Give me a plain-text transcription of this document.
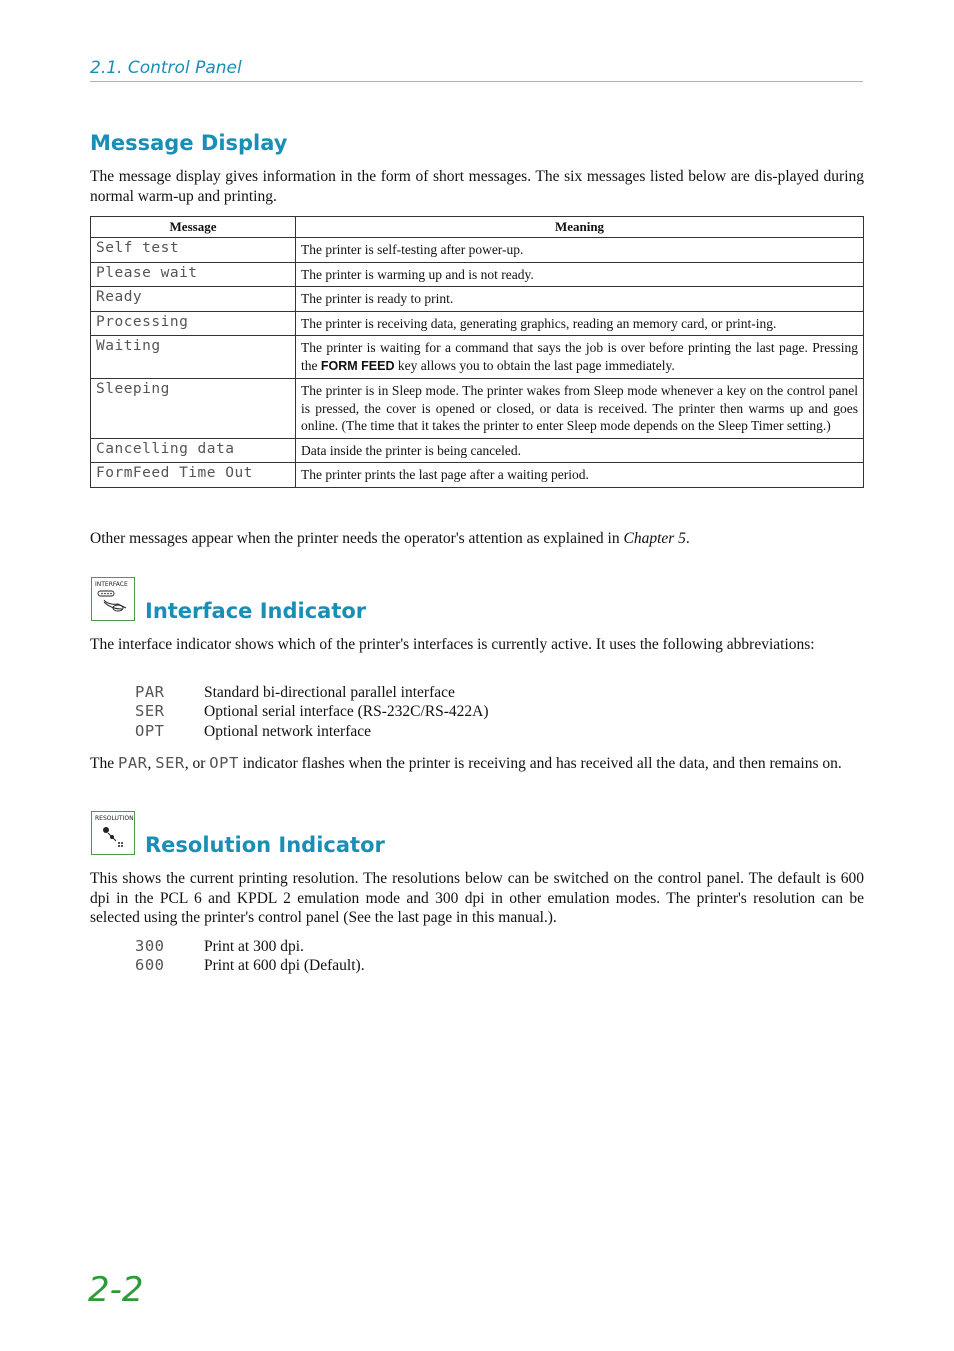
2.1. Control Panel
Message Display

The message display gives information in the form of short messages. The six messages listed below are dis-played during normal warm-up and printing.

Message	Meaning
Self test	The printer is self-testing after power-up.
Please wait	The printer is warming up and is not ready.
Ready	The printer is ready to print.
Processing	The printer is receiving data, generating graphics, reading an memory card, or print-ing.
Waiting	The printer is waiting for a command that says the job is over before printing the last page. Pressing the FORM FEED key allows you to obtain the last page immediately.
Sleeping	The printer is in Sleep mode. The printer wakes from Sleep mode whenever a key on the control panel is pressed, the cover is opened or closed, or data is received. The printer then warms up and goes online. (The time that it takes the printer to enter Sleep mode depends on the Sleep Timer setting.)
Cancelling data	Data inside the printer is being canceled.
FormFeed Time Out	The printer prints the last page after a waiting period.

Other messages appear when the printer needs the operator's attention as explained in Chapter 5.

INTERFACE
Interface Indicator

The interface indicator shows which of the printer's interfaces is currently active. It uses the following abbreviations:

PAR	Standard bi-directional parallel interface
SER	Optional serial interface (RS-232C/RS-422A)
OPT	Optional network interface

The PAR, SER, or OPT indicator flashes when the printer is receiving and has received all the data, and then remains on.

RESOLUTION
Resolution Indicator

This shows the current printing resolution. The resolutions below can be switched on the control panel. The default is 600 dpi in the PCL 6 and KPDL 2 emulation mode and 300 dpi in other emulation modes. The printer's resolution can be selected using the printer's control panel (See the last page in this manual.).

300	Print at 300 dpi.
600	Print at 600 dpi (Default).
2-2
